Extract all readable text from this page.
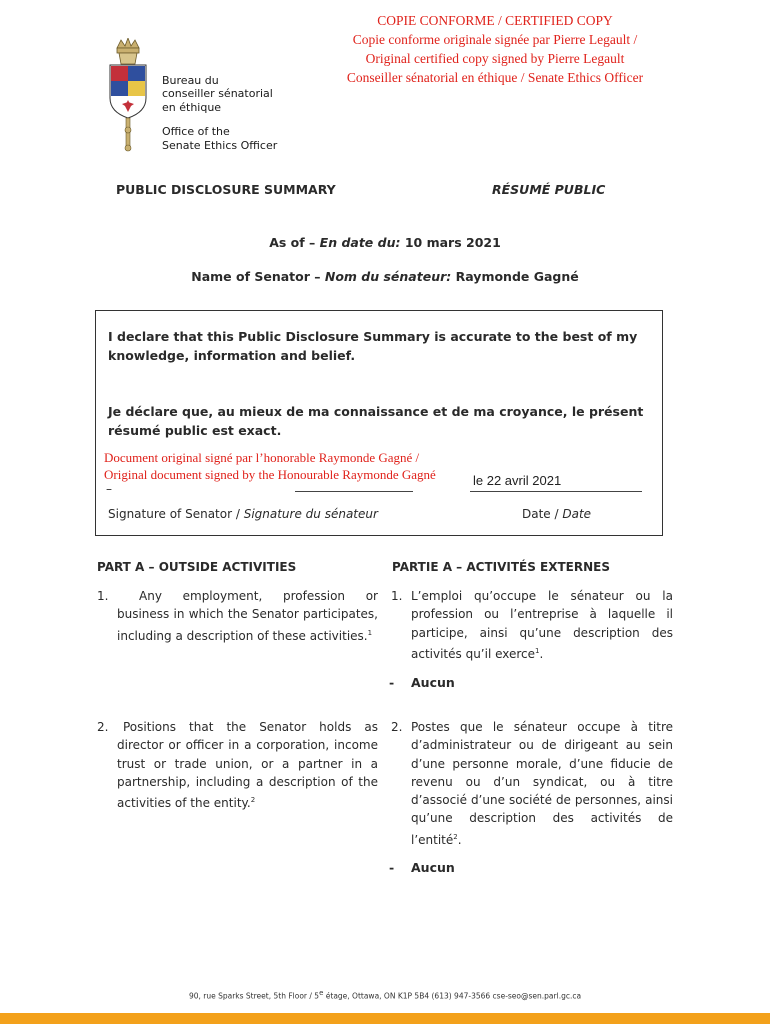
COPIE CONFORME / CERTIFIED COPY
Copie conforme originale signée par Pierre Legault /
Original certified copy signed by Pierre Legault
Conseiller sénatorial en éthique / Senate Ethics Officer
Bureau du
conseiller sénatorial
en éthique
Office of the
Senate Ethics Officer
PUBLIC DISCLOSURE SUMMARY	RÉSUMÉ PUBLIC
As of – En date du: 10 mars 2021
Name of Senator – Nom du sénateur: Raymonde Gagné
I declare that this Public Disclosure Summary is accurate to the best of my knowledge, information and belief.
Je déclare que, au mieux de ma connaissance et de ma croyance, le présent résumé public est exact.
Document original signé par l’honorable Raymonde Gagné /
Original document signed by the Honourable Raymonde Gagné
–
le 22 avril 2021
Signature of Senator / Signature du sénateur	Date / Date
PART A – OUTSIDE ACTIVITIES	PARTIE A – ACTIVITÉS EXTERNES
1.	Any employment, profession or business in which the Senator participates, including a description of these activities.$^1$
1. L’emploi qu’occupe le sénateur ou la profession ou l’entreprise à laquelle il participe, ainsi qu’une description des activités qu’il exerce$^1$.
- Aucun
2.	Positions that the Senator holds as director or officer in a corporation, income trust or trade union, or a partner in a partnership, including a description of the activities of the entity.$^2$
2. Postes que le sénateur occupe à titre d’administrateur ou de dirigeant au sein d’une personne morale, d’une fiducie de revenu ou d’un syndicat, ou à titre d’associé d’une société de personnes, ainsi qu’une description des activités de l’entité$^2$.
- Aucun
90, rue Sparks Street, 5th Floor / 5e étage, Ottawa, ON K1P 5B4 (613) 947-3566 cse-seo@sen.parl.gc.ca
